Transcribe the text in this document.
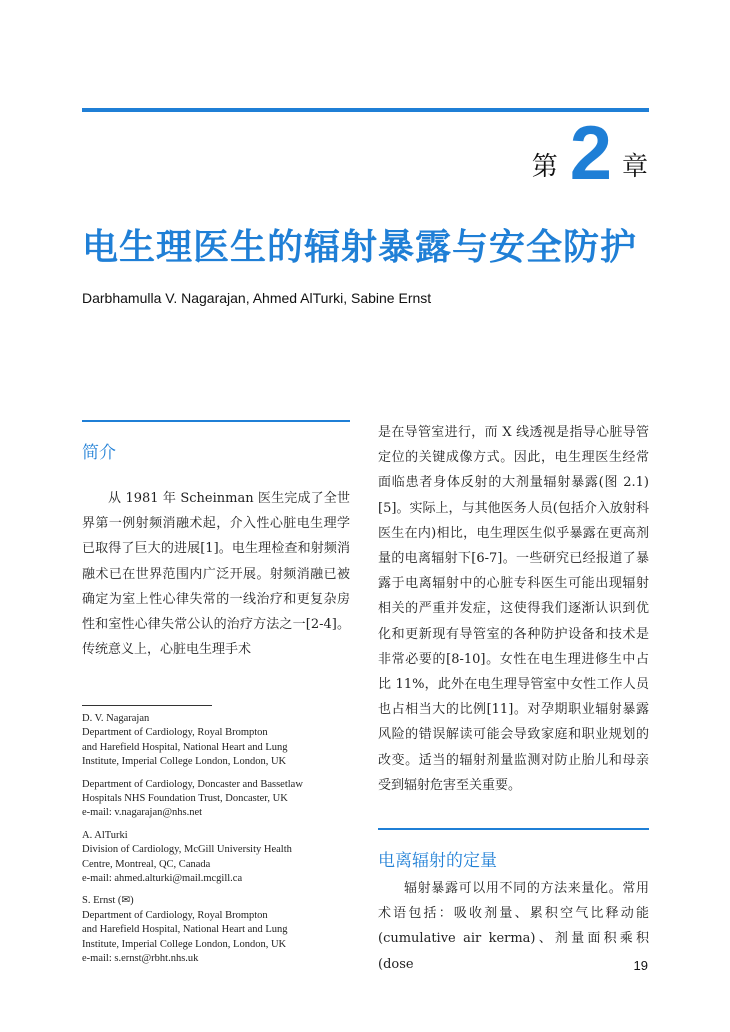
第 2 章
电生理医生的辐射暴露与安全防护
Darbhamulla V. Nagarajan, Ahmed AlTurki, Sabine Ernst
简介

从 1981 年 Scheinman 医生完成了全世界第一例射频消融术起，介入性心脏电生理学已取得了巨大的进展[1]。电生理检查和射频消融术已在世界范围内广泛开展。射频消融已被确定为室上性心律失常的一线治疗和更复杂房性和室性心律失常公认的治疗方法之一[2-4]。传统意义上，心脏电生理手术

D. V. Nagarajan
Department of Cardiology, Royal Brompton
and Harefield Hospital, National Heart and Lung
Institute, Imperial College London, London, UK
Department of Cardiology, Doncaster and Bassetlaw
Hospitals NHS Foundation Trust, Doncaster, UK
e-mail: v.nagarajan@nhs.net
A. AlTurki
Division of Cardiology, McGill University Health
Centre, Montreal, QC, Canada
e-mail: ahmed.alturki@mail.mcgill.ca
S. Ernst (✉)
Department of Cardiology, Royal Brompton
and Harefield Hospital, National Heart and Lung
Institute, Imperial College London, London, UK
e-mail: s.ernst@rbht.nhs.uk

是在导管室进行，而 X 线透视是指导心脏导管定位的关键成像方式。因此，电生理医生经常面临患者身体反射的大剂量辐射暴露(图 2.1)[5]。实际上，与其他医务人员(包括介入放射科医生在内)相比，电生理医生似乎暴露在更高剂量的电离辐射下[6-7]。一些研究已经报道了暴露于电离辐射中的心脏专科医生可能出现辐射相关的严重并发症，这使得我们逐渐认识到优化和更新现有导管室的各种防护设备和技术是非常必要的[8-10]。女性在电生理进修生中占比 11%，此外在电生理导管室中女性工作人员也占相当大的比例[11]。对孕期职业辐射暴露风险的错误解读可能会导致家庭和职业规划的改变。适当的辐射剂量监测对防止胎儿和母亲受到辐射危害至关重要。

电离辐射的定量

辐射暴露可以用不同的方法来量化。常用术语包括：吸收剂量、累积空气比释动能(cumulative air kerma)、剂量面积乘积(dose	19
